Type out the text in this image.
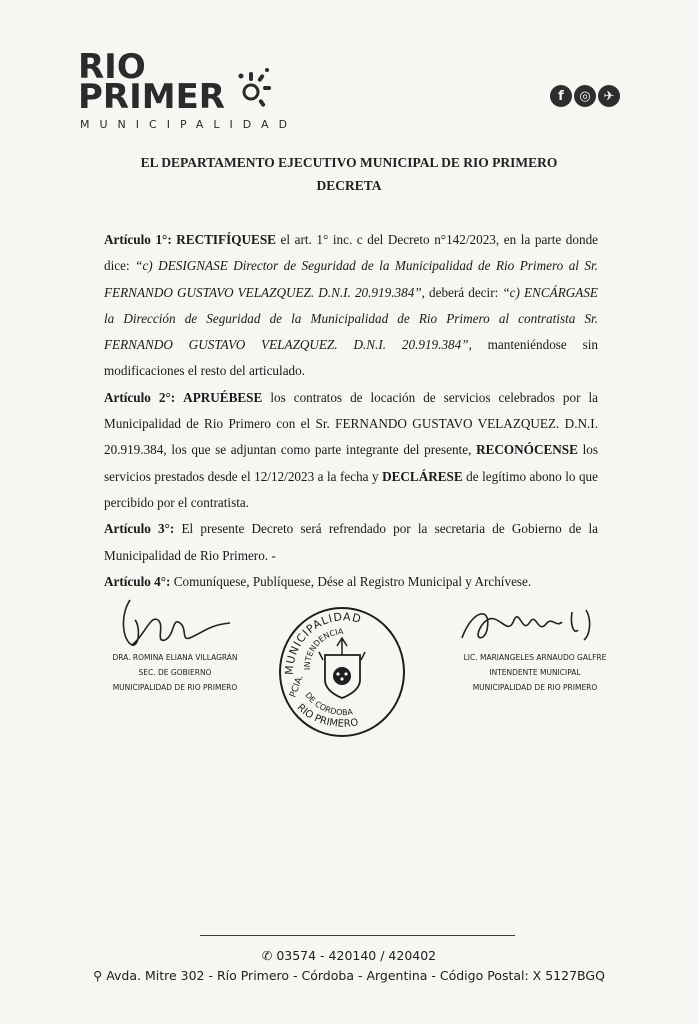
RIO
PRIMER
MUNICIPALIDAD
f	◎ ✈
EL DEPARTAMENTO EJECUTIVO MUNICIPAL DE RIO PRIMERO
DECRETA

Artículo 1°: RECTIFÍQUESE el art. 1° inc. c del Decreto n°142/2023, en la parte donde dice: “c) DESIGNASE Director de Seguridad de la Municipalidad de Rio Primero al Sr. FERNANDO GUSTAVO VELAZQUEZ. D.N.I. 20.919.384”, deberá decir: “c) ENCÁRGASE la Dirección de Seguridad de la Municipalidad de Rio Primero al contratista Sr. FERNANDO GUSTAVO VELAZQUEZ. D.N.I. 20.919.384”, manteniéndose sin modificaciones el resto del articulado.

Artículo 2°: APRUÉBESE los contratos de locación de servicios celebrados por la Municipalidad de Rio Primero con el Sr. FERNANDO GUSTAVO VELAZQUEZ. D.N.I. 20.919.384, los que se adjuntan como parte integrante del presente, RECONÓCENSE los servicios prestados desde el 12/12/2023 a la fecha y DECLÁRESE de legítimo abono lo que percibido por el contratista.

Artículo 3°: El presente Decreto será refrendado por la secretaria de Gobierno de la Municipalidad de Rio Primero. -

Artículo 4°: Comuníquese, Publíquese, Dése al Registro Municipal y Archívese.

DRA. ROMINA ELIANA VILLAGRÁN
SEC. DE GOBIERNO
MUNICIPALIDAD DE RIO PRIMERO
MUNICIPALIDAD
INTENDENCIA
PCIA.
DE CORDOBA
RIO PRIMERO
LIC. MARIANGELES ARNAUDO GALFRE
INTENDENTE MUNICIPAL
MUNICIPALIDAD DE RIO PRIMERO
✆ 03574 - 420140 / 420402
⚲ Avda. Mitre 302 - Río Primero - Córdoba - Argentina - Código Postal: X 5127BGQ
